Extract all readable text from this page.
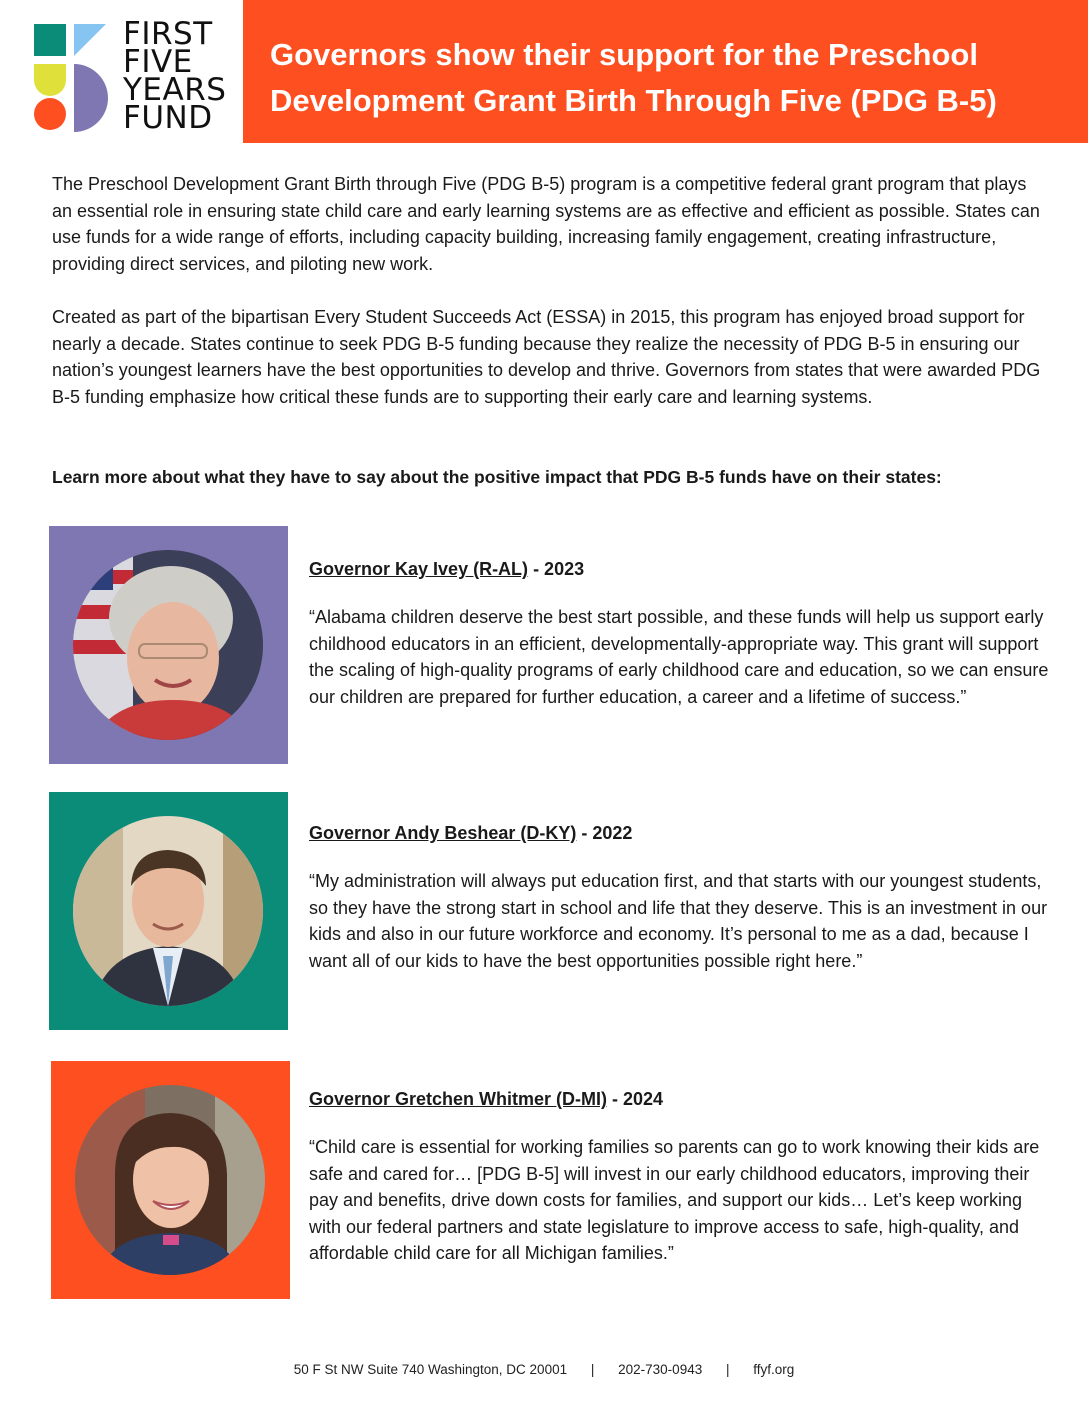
FIRST
FIVE
YEARS
FUND
Governors show their support for the Preschool Development Grant Birth Through Five (PDG B-5)

The Preschool Development Grant Birth through Five (PDG B-5) program is a competitive federal grant program that plays an essential role in ensuring state child care and early learning systems are as effective and efficient as possible. States can use funds for a wide range of efforts, including capacity building, increasing family engagement, creating infrastructure, providing direct services, and piloting new work.

Created as part of the bipartisan Every Student Succeeds Act (ESSA) in 2015, this program has enjoyed broad support for nearly a decade. States continue to seek PDG B-5 funding because they realize the necessity of PDG B-5 in ensuring our nation’s youngest learners have the best opportunities to develop and thrive. Governors from states that were awarded PDG B-5 funding emphasize how critical these funds are to supporting their early care and learning systems.

Learn more about what they have to say about the positive impact that PDG B-5 funds have on their states:

Governor Kay Ivey (R-AL) - 2023

“Alabama children deserve the best start possible, and these funds will help us support early childhood educators in an efficient, developmentally-appropriate way. This grant will support the scaling of high-quality programs of early childhood care and education, so we can ensure our children are prepared for further education, a career and a lifetime of success.”

Governor Andy Beshear (D-KY) - 2022

“My administration will always put education first, and that starts with our youngest students, so they have the strong start in school and life that they deserve. This is an investment in our kids and also in our future workforce and economy. It’s personal to me as a dad, because I want all of our kids to have the best opportunities possible right here.”

Governor Gretchen Whitmer (D-MI) - 2024

“Child care is essential for working families so parents can go to work knowing their kids are safe and cared for… [PDG B-5] will invest in our early childhood educators, improving their pay and benefits, drive down costs for families, and support our kids… Let’s keep working with our federal partners and state legislature to improve access to safe, high-quality, and affordable child care for all Michigan families.”

50 F St NW Suite 740 Washington, DC 20001 | 202-730-0943 | ffyf.org
